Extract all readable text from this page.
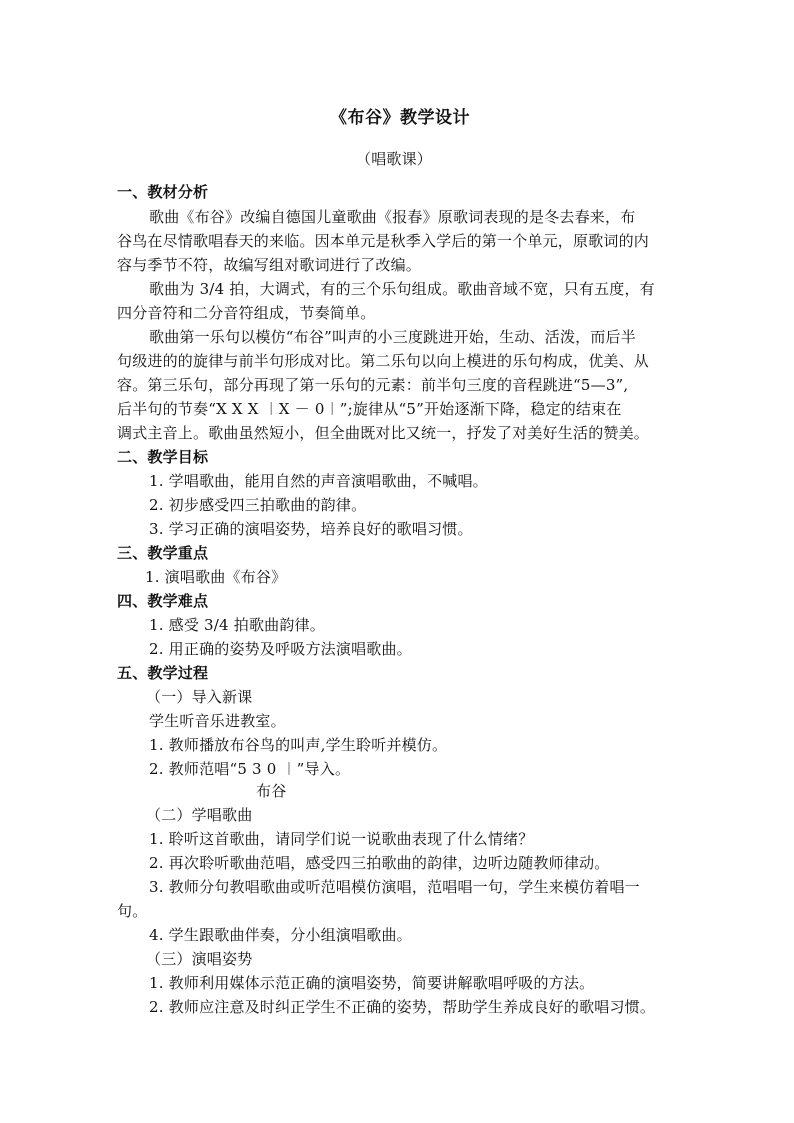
《布谷》教学设计
（唱歌课）
一、教材分析
歌曲《布谷》改编自德国儿童歌曲《报春》原歌词表现的是冬去春来，布
谷鸟在尽情歌唱春天的来临。因本单元是秋季入学后的第一个单元，原歌词的内
容与季节不符，故编写组对歌词进行了改编。
歌曲为 3/4 拍，大调式，有的三个乐句组成。歌曲音域不宽，只有五度，有
四分音符和二分音符组成，节奏简单。
歌曲第一乐句以模仿“布谷”叫声的小三度跳进开始，生动、活泼，而后半
句级进的的旋律与前半句形成对比。第二乐句以向上模进的乐句构成，优美、从
容。第三乐句，部分再现了第一乐句的元素：前半句三度的音程跳进“5—3”,
后半句的节奏“X X X ︱X － 0︱”;旋律从“5”开始逐渐下降，稳定的结束在
调式主音上。歌曲虽然短小，但全曲既对比又统一，抒发了对美好生活的赞美。
二、教学目标
1. 学唱歌曲，能用自然的声音演唱歌曲，不喊唱。
2. 初步感受四三拍歌曲的韵律。
3. 学习正确的演唱姿势，培养良好的歌唱习惯。
三、教学重点
1. 演唱歌曲《布谷》
四、教学难点
1. 感受 3/4 拍歌曲韵律。
2. 用正确的姿势及呼吸方法演唱歌曲。
五、教学过程
（一）导入新课
学生听音乐进教室。
1. 教师播放布谷鸟的叫声,学生聆听并模仿。
2. 教师范唱“5 3 0 ︱”导入。
布谷
（二）学唱歌曲
1. 聆听这首歌曲，请同学们说一说歌曲表现了什么情绪？
2. 再次聆听歌曲范唱，感受四三拍歌曲的韵律，边听边随教师律动。
3. 教师分句教唱歌曲或听范唱模仿演唱，范唱唱一句，学生来模仿着唱一
句。
4. 学生跟歌曲伴奏，分小组演唱歌曲。
（三）演唱姿势
1. 教师利用媒体示范正确的演唱姿势，简要讲解歌唱呼吸的方法。
2. 教师应注意及时纠正学生不正确的姿势，帮助学生养成良好的歌唱习惯。
